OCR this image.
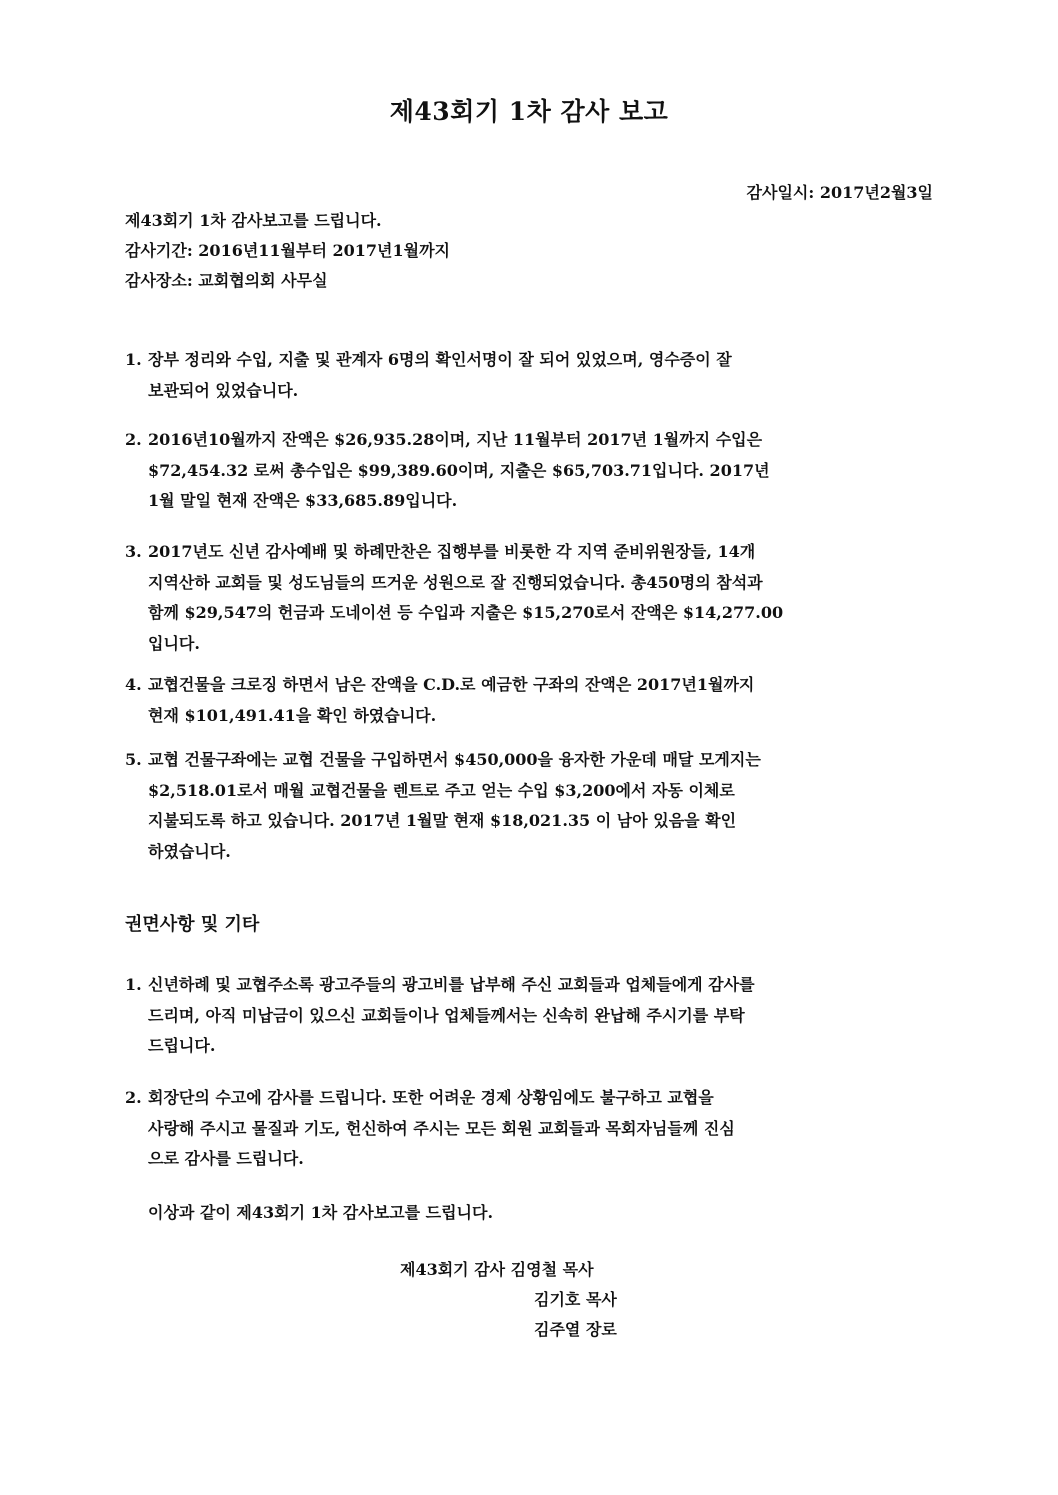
제43회기 1차 감사 보고
감사일시: 2017년2월3일
제43회기 1차 감사보고를 드립니다.
감사기간: 2016년11월부터 2017년1월까지
감사장소: 교회협의회 사무실
1. 장부 정리와 수입, 지출 및 관계자 6명의 확인서명이 잘 되어 있었으며, 영수증이 잘
보관되어 있었습니다.
2. 2016년10월까지 잔액은 $26,935.28이며, 지난 11월부터 2017년 1월까지 수입은
$72,454.32 로써 총수입은 $99,389.60이며, 지출은 $65,703.71입니다. 2017년
1월 말일 현재 잔액은 $33,685.89입니다.
3. 2017년도 신년 감사예배 및 하례만찬은 집행부를 비롯한 각 지역 준비위원장들, 14개
지역산하 교회들 및 성도님들의 뜨거운 성원으로 잘 진행되었습니다. 총450명의 참석과
함께 $29,547의 헌금과 도네이션 등 수입과 지출은 $15,270로서 잔액은 $14,277.00
입니다.
4. 교협건물을 크로징 하면서 남은 잔액을 C.D.로 예금한 구좌의 잔액은 2017년1월까지
현재 $101,491.41을 확인 하였습니다.
5. 교협 건물구좌에는 교협 건물을 구입하면서 $450,000을 융자한 가운데 매달 모게지는
$2,518.01로서 매월 교협건물을 렌트로 주고 얻는 수입 $3,200에서 자동 이체로
지불되도록 하고 있습니다. 2017년 1월말 현재 $18,021.35 이 남아 있음을 확인
하였습니다.
권면사항 및 기타
1. 신년하례 및 교협주소록 광고주들의 광고비를 납부해 주신 교회들과 업체들에게 감사를
드리며, 아직 미납금이 있으신 교회들이나 업체들께서는 신속히 완납해 주시기를 부탁
드립니다.
2. 회장단의 수고에 감사를 드립니다. 또한 어려운 경제 상황임에도 불구하고 교협을
사랑해 주시고 물질과 기도, 헌신하여 주시는 모든 회원 교회들과 목회자님들께 진심
으로 감사를 드립니다.
이상과 같이 제43회기 1차 감사보고를 드립니다.
제43회기 감사 김영철 목사
김기호 목사
김주열 장로
